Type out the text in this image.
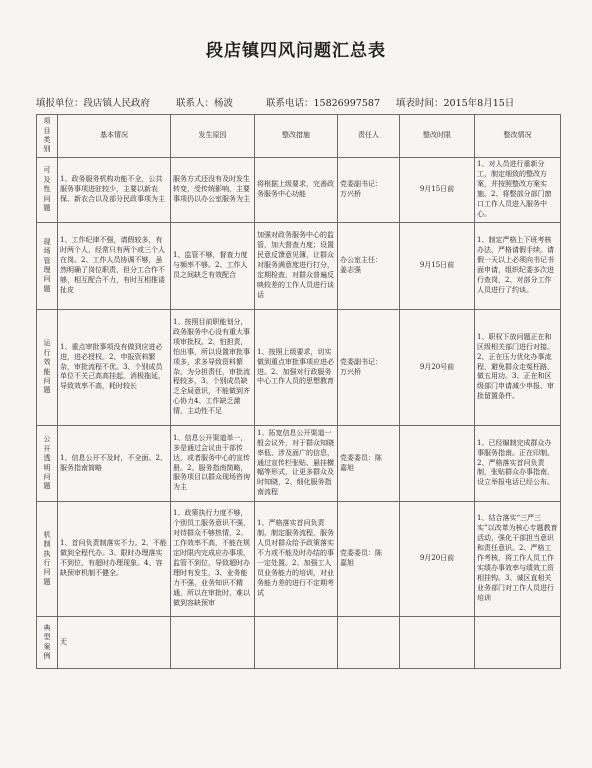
段店镇四风问题汇总表
填报单位：段店镇人民政府	联系人：杨波	联系电话：15826997587 填表时间：2015年8月15日
项目类别	基本情况	发生原因	整改措施	责任人	整改时限	整改情况

可及性问题	1、政务服务机构功能不全，公共服务事项进驻较少，主要以新农保、新农合以及部分民政事项为主	服务方式还没有及时发生转变，受传统影响，主要事项仍以办公室服务为主	将根据上级要求，完善政务服务中心功能	党委副书记：
万兴桥	9月15日前	1、对人员进行重新分工，制定细致的整改方案，并按照整改方案实施。2、将整部分部门窗口工作人员进入服务中心。

现场管理问题	1、工作纪律不强，请假较多，有时两个人，经常只有两个或三个人在岗。2、工作人员协调不够，虽然明确了岗位职责，但分工合作不够，相互配合不力，有时互相推诿扯皮	1、监管不够，督查力度与频率不够。2、工作人员之间缺乏有效配合	加强对政务服务中心的监管，加大督查力度；设置民意反馈意见簿，让群众对服务满意度进行打分，定期检查，对群众普遍反映较差的工作人员进行谈话	办公室主任：
姜志强	9月15日前	1、制定严格上下班考核办法，严格请假手续。请假一天以上必须向书记书面申请，组织纪委多次进行查岗，2、对部分工作人员进行了约谈。

运行效能问题	1、重点审批事项没有做到应进必进，进必授权。2、申报资料繁杂，审批流程不优。3、个别成员单位不关己高高挂起，消极拖延，导致效率不高，耗时较长	1、按照目前职能划分，政务服务中心没有重大事项审批权。2、怕担责，怕出事，所以设置审批事项多，求多导致资料繁杂，为分担责任，审批流程较多，3、个别成员缺乏全局意识，不能做到齐心协力4、工作缺乏激情，主动性不足	1、按照上级要求，切实做到重点审批事项应进必进。2、加强对行政服务中心工作人员的思想教育	党委副书记：
万兴桥	9月20号前	1、职权下放问题正在和区级相关部门进行对接。2、正在压力优化办事流程，避免群众走冤枉路，做五用功。3、正在和区级部门申请减少申报、审批留置条件。

公开透明问题	1、信息公开不及时，不全面。2、服务指南简略	1、信息公开渠道单一，多是通过会议由干部传达，或者服务中心的宣传册。2、服务指南简略，服务项目以群众现场咨询为主	1、拓宽信息公开渠道一般会议外，对于群众知晓率低、涉及面广的信息，通过宣传栏张贴、悬挂横幅等形式，让更多群众及时知晓，2、细化服务指南流程	党委委员：陈
嘉旭		1、已经编制完成群众办事服务指南。正在印制。2、严格落实首问负责制，张贴群众办事指南，设立举报电话已经公布。

机制执行问题	1、首问负责制落实不力。2、不能做到全程代办。3、限时办理落实不到位，有超时办理现象。4、容缺预审机制不健全。	1、政策执行力度不够，个别员工服务意识不强，对待群众不够热情，2、工作效率不高，不能在规定时限内完成应办事项，监管不到位，导致超时办理时有发生，3、业务能力不强，业务知识不精通，所以在审批时，难以做到容缺预审	1、严格落实首问负责制，制定服务流程，服务人员对群众给予政策落实不力或不能及时办结的事一定处置。2、加强工人员业务能力的培训，对业务能力差的进行不定期考试	党委委员：陈
嘉旭	9月20日前	1、结合落实“三严三实”以改革为核心专题教育活动，强化干部担当意识和责任意识。2、严格工作考核，将工作人员工作实绩办事效率与绩效工资相挂钩。3、诚区直相关业务部门对工作人员进行培训

典型案例	无					
